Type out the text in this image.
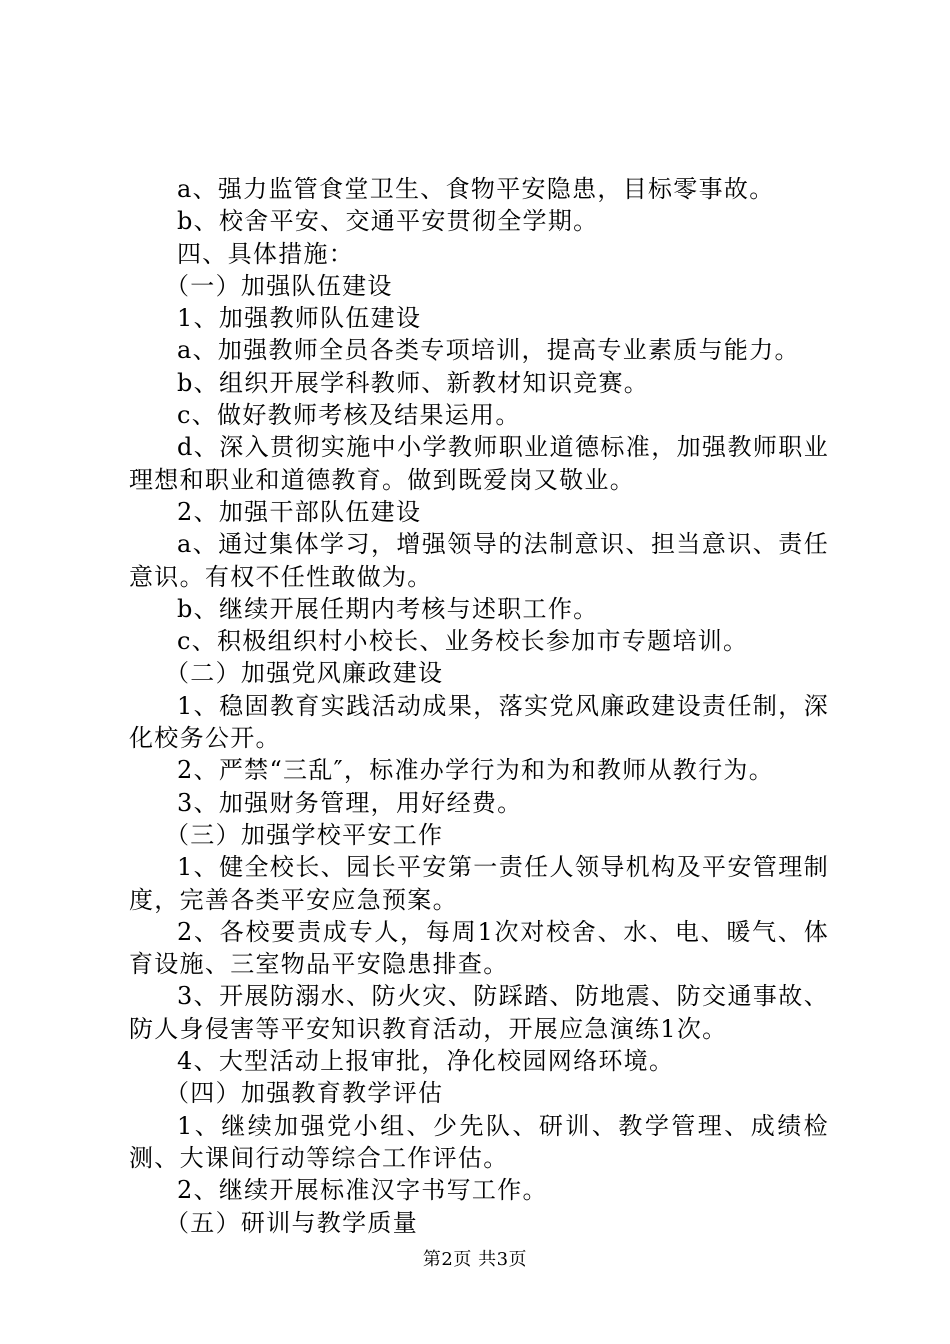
a、强力监管食堂卫生、食物平安隐患，目标零事故。

b、校舍平安、交通平安贯彻全学期。

四、具体措施：

（一）加强队伍建设

1、加强教师队伍建设

a、加强教师全员各类专项培训，提高专业素质与能力。

b、组织开展学科教师、新教材知识竞赛。

c、做好教师考核及结果运用。

d、深入贯彻实施中小学教师职业道德标准，加强教师职业理想和职业和道德教育。做到既爱岗又敬业。

2、加强干部队伍建设

a、通过集体学习，增强领导的法制意识、担当意识、责任意识。有权不任性敢做为。

b、继续开展任期内考核与述职工作。

c、积极组织村小校长、业务校长参加市专题培训。

（二）加强党风廉政建设

1、稳固教育实践活动成果，落实党风廉政建设责任制，深化校务公开。

2、严禁“三乱″，标准办学行为和为和教师从教行为。

3、加强财务管理，用好经费。

（三）加强学校平安工作

1、健全校长、园长平安第一责任人领导机构及平安管理制度，完善各类平安应急预案。

2、各校要责成专人，每周1次对校舍、水、电、暖气、体育设施、三室物品平安隐患排查。

3、开展防溺水、防火灾、防踩踏、防地震、防交通事故、防人身侵害等平安知识教育活动，开展应急演练1次。

4、大型活动上报审批，净化校园网络环境。

（四）加强教育教学评估

1、继续加强党小组、少先队、研训、教学管理、成绩检测、大课间行动等综合工作评估。

2、继续开展标准汉字书写工作。

（五）研训与教学质量

第2页 共3页
